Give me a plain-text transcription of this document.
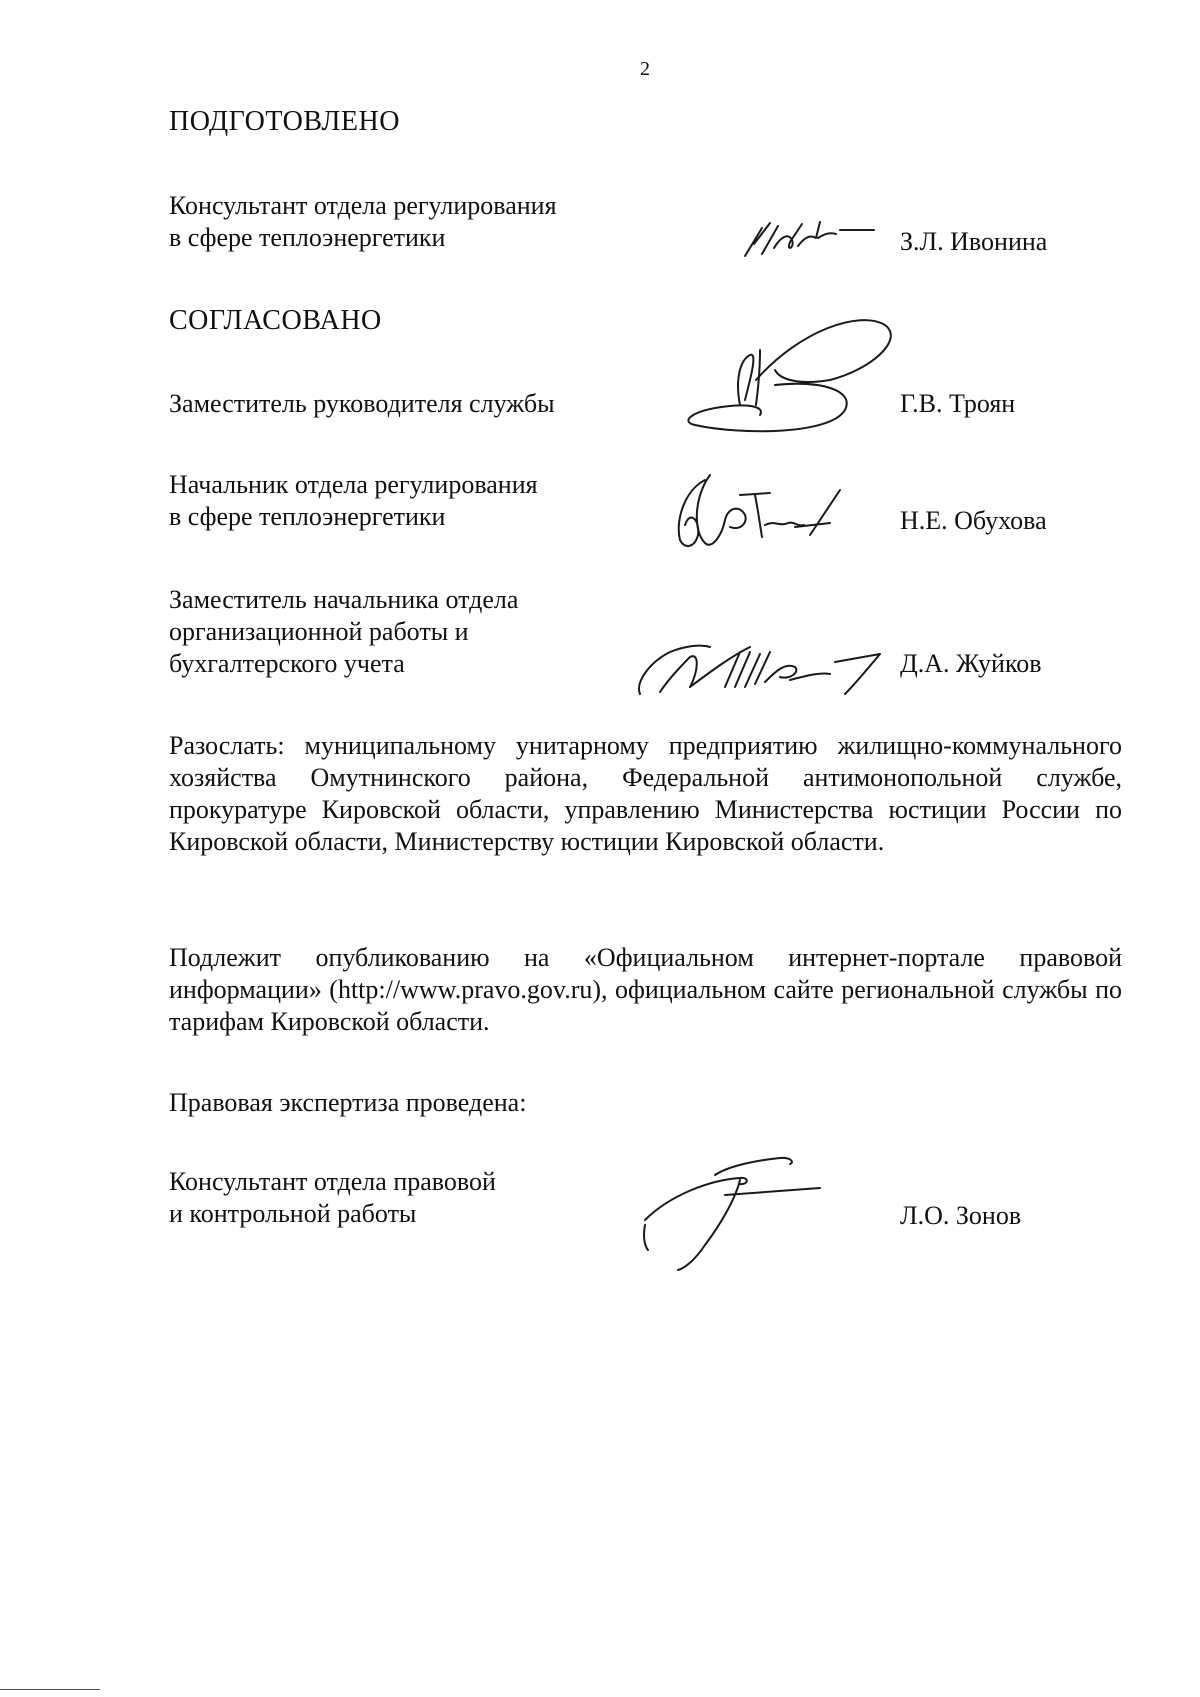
2
ПОДГОТОВЛЕНО
Консультант отдела регулирования
в сфере теплоэнергетики	З.Л. Ивонина
СОГЛАСОВАНО
Заместитель руководителя службы	Г.В. Троян
Начальник отдела регулирования
в сфере теплоэнергетики	Н.Е. Обухова
Заместитель начальника отдела
организационной работы и
бухгалтерского учета	Д.А. Жуйков
Разослать: муниципальному унитарному предприятию жилищно-коммунального хозяйства Омутнинского района, Федеральной антимонопольной службе, прокуратуре Кировской области, управлению Министерства юстиции России по Кировской области, Министерству юстиции Кировской области.
Подлежит опубликованию на «Официальном интернет-портале правовой информации» (http://www.pravo.gov.ru), официальном сайте региональной службы по тарифам Кировской области.
Правовая экспертиза проведена:
Консультант отдела правовой
и контрольной работы	Л.О. Зонов
